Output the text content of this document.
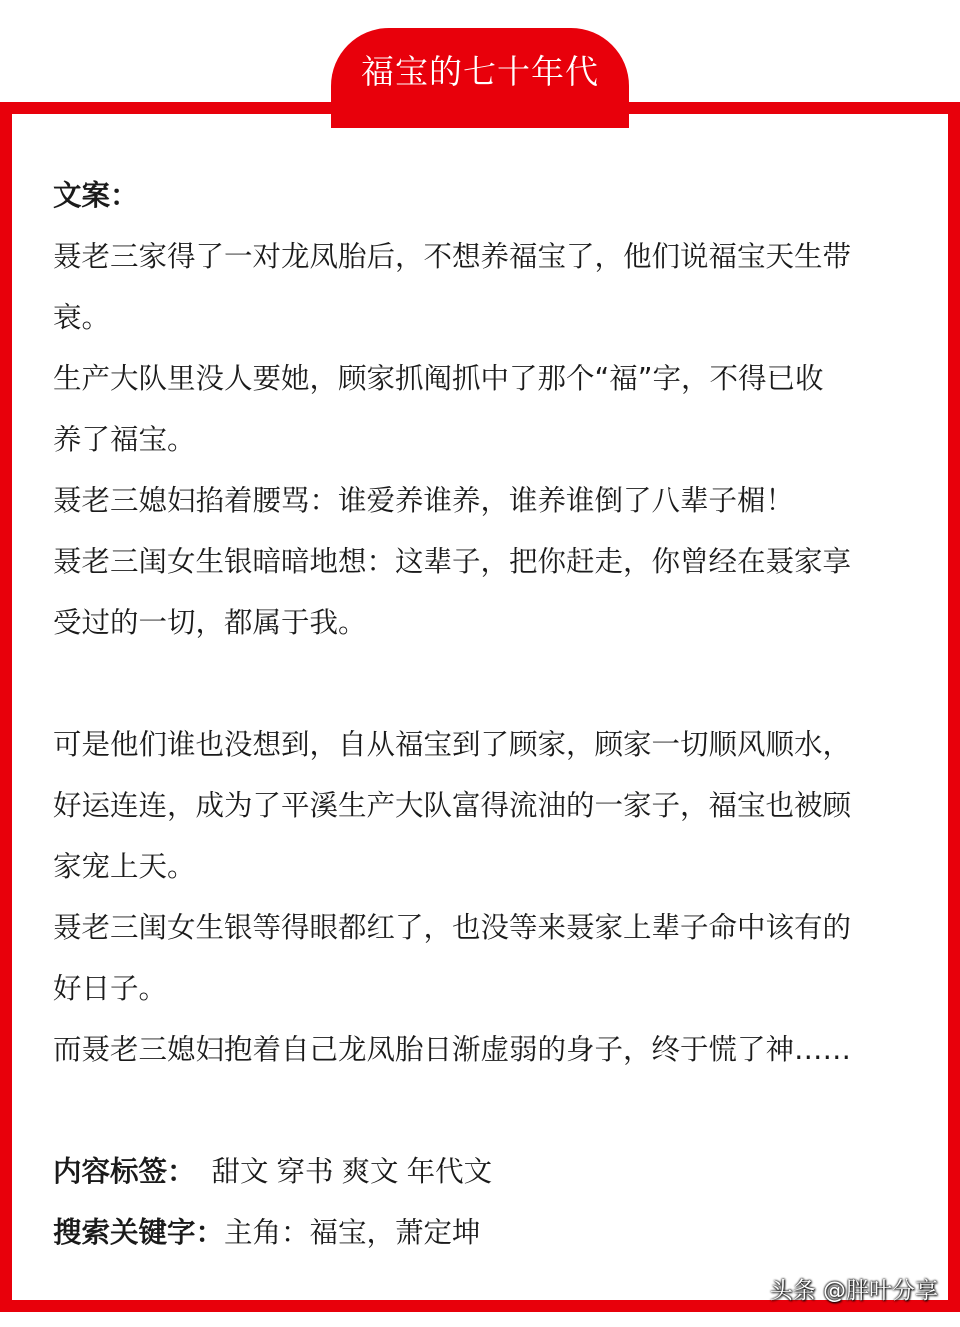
福宝的七十年代
文案：
聂老三家得了一对龙凤胎后，不想养福宝了，他们说福宝天生带
衰。
生产大队里没人要她，顾家抓阄抓中了那个“福”字，不得已收
养了福宝。
聂老三媳妇掐着腰骂：谁爱养谁养，谁养谁倒了八辈子楣！
聂老三闺女生银暗暗地想：这辈子，把你赶走，你曾经在聂家享
受过的一切，都属于我。
可是他们谁也没想到，自从福宝到了顾家，顾家一切顺风顺水，
好运连连，成为了平溪生产大队富得流油的一家子，福宝也被顾
家宠上天。
聂老三闺女生银等得眼都红了，也没等来聂家上辈子命中该有的
好日子。
而聂老三媳妇抱着自己龙凤胎日渐虚弱的身子，终于慌了神……
内容标签： 甜文 穿书 爽文 年代文
搜索关键字：主角：福宝，萧定坤
头条 @胖叶分享
